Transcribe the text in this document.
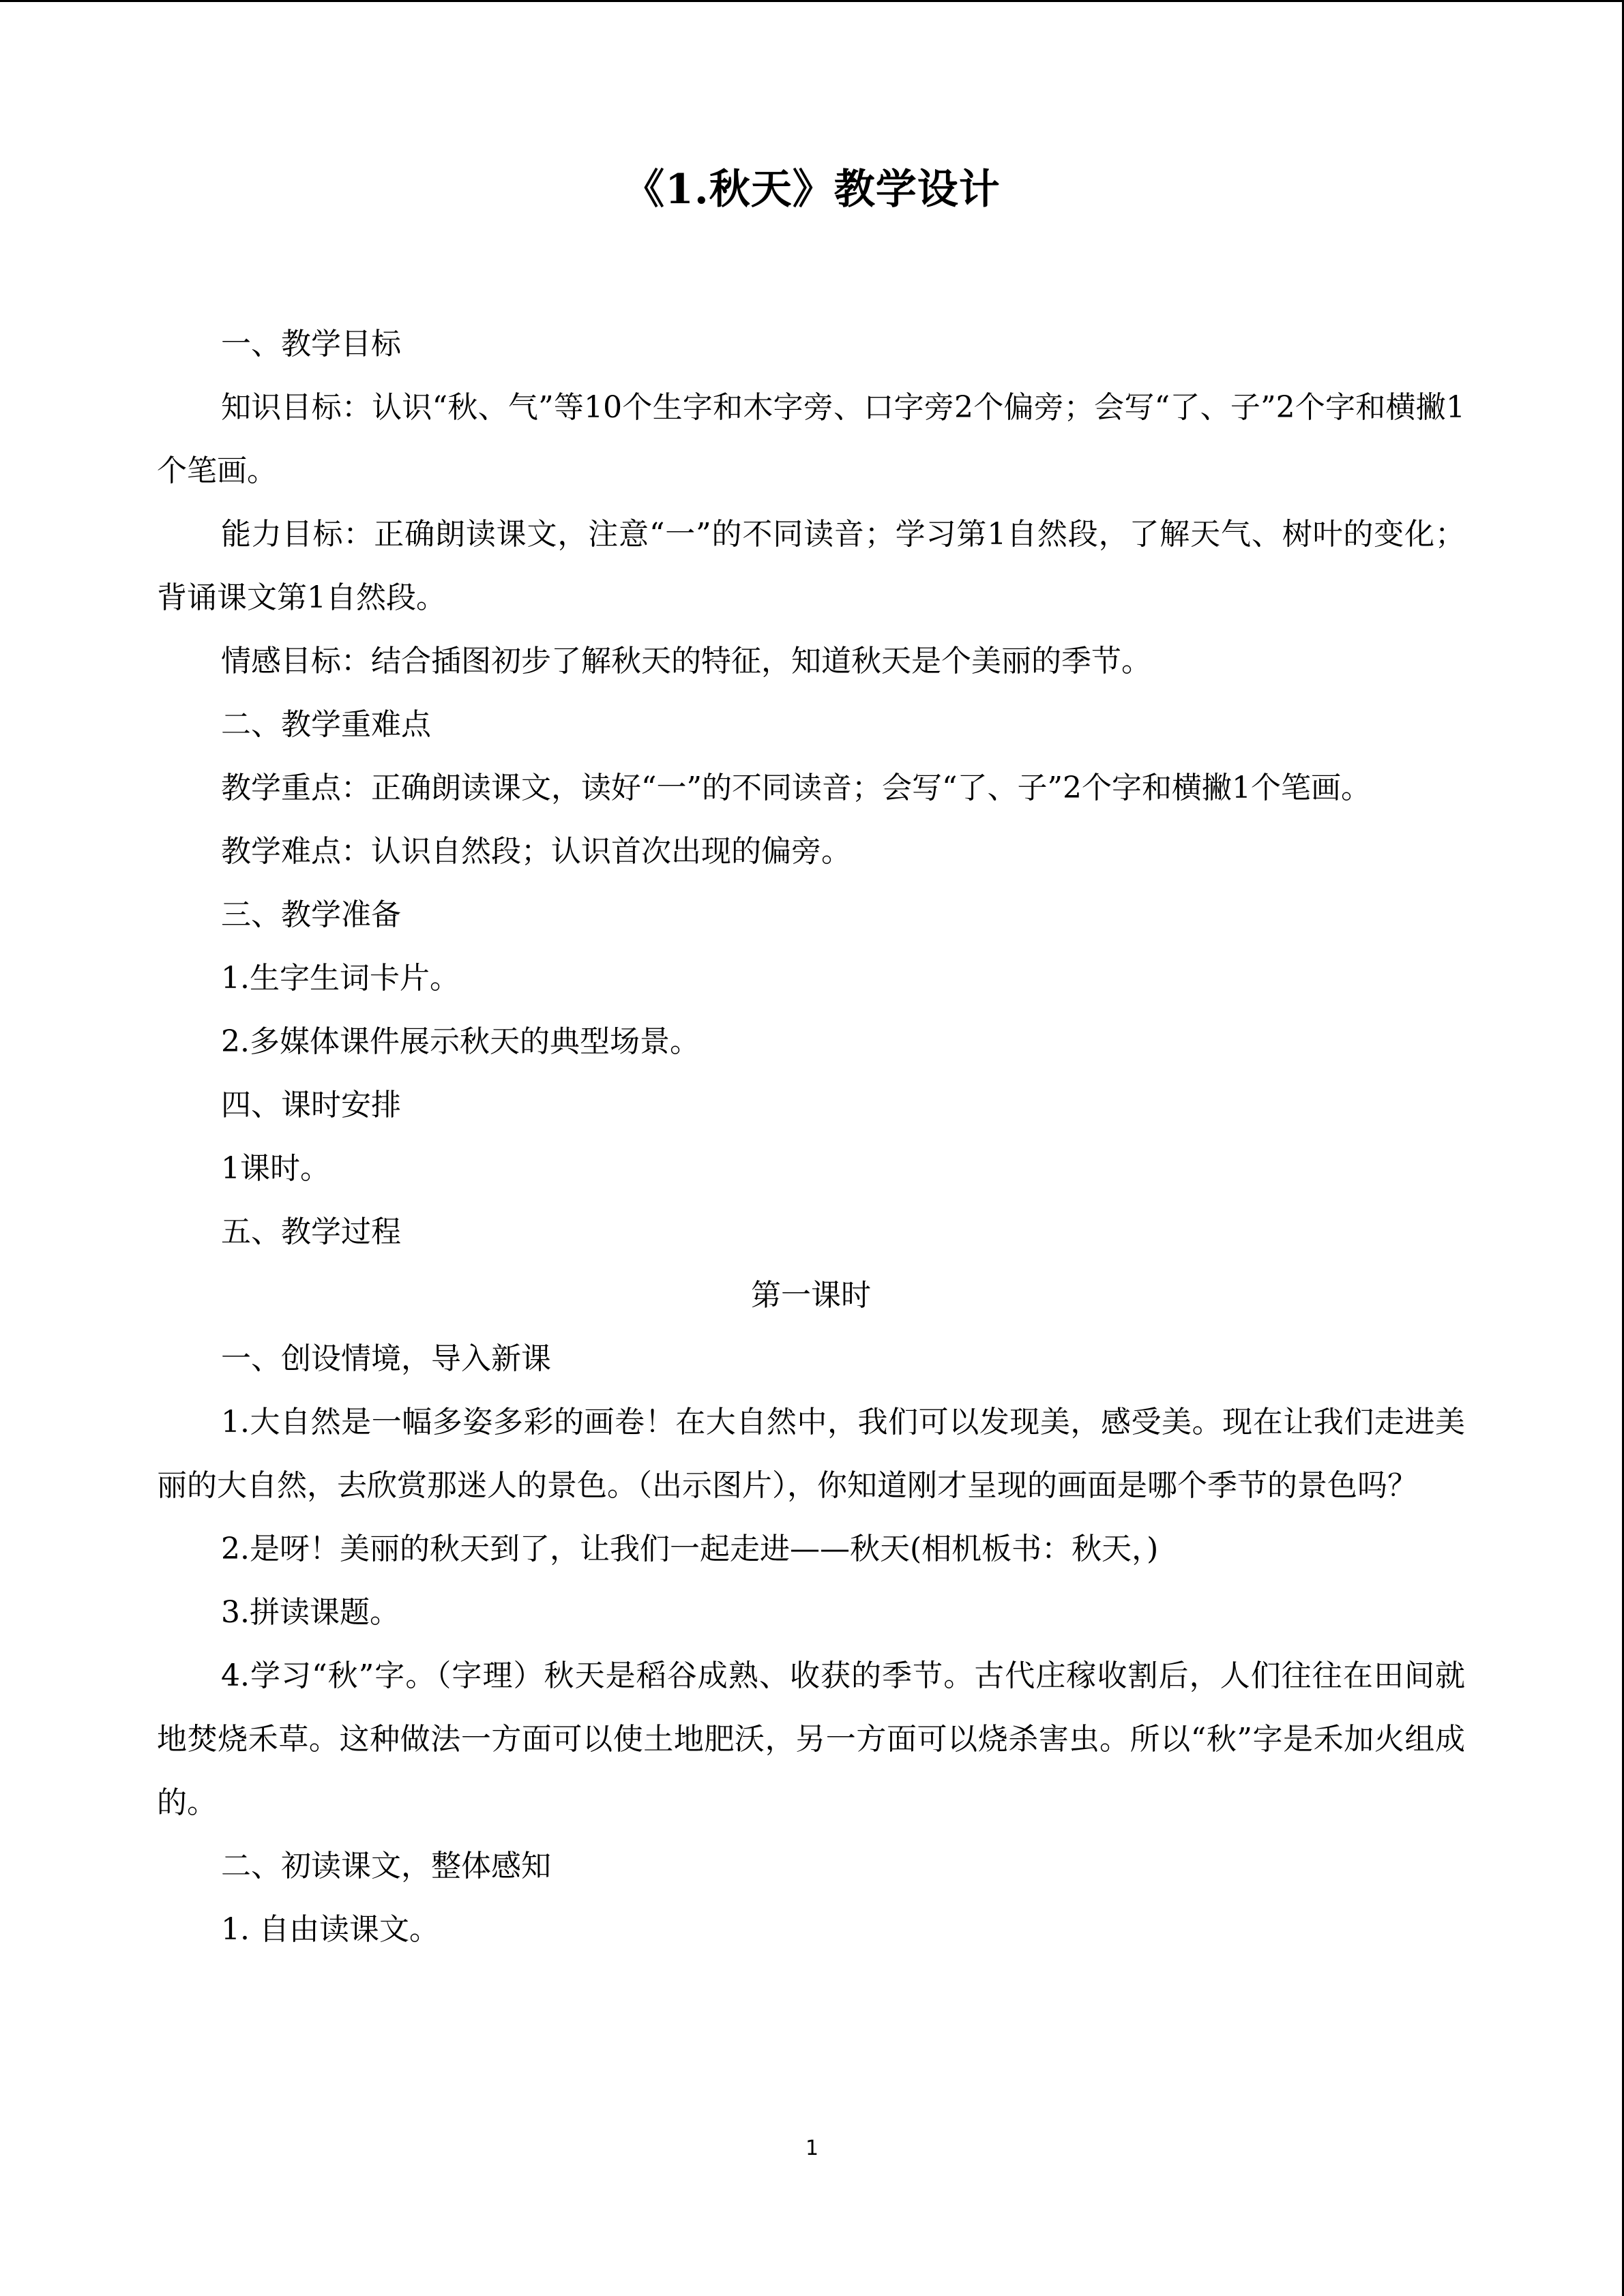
《1.秋天》教学设计

一、教学目标

知识目标：认识“秋、气”等10个生字和木字旁、口字旁2个偏旁；会写“了、子”2个字和横撇1个笔画。

能力目标：正确朗读课文，注意“一”的不同读音；学习第1自然段，了解天气、树叶的变化；背诵课文第1自然段。

情感目标：结合插图初步了解秋天的特征，知道秋天是个美丽的季节。

二、教学重难点

教学重点：正确朗读课文，读好“一”的不同读音；会写“了、子”2个字和横撇1个笔画。

教学难点：认识自然段；认识首次出现的偏旁。

三、教学准备

1.生字生词卡片。

2.多媒体课件展示秋天的典型场景。

四、课时安排

1课时。

五、教学过程

第一课时

一、创设情境，导入新课

1.大自然是一幅多姿多彩的画卷！在大自然中，我们可以发现美，感受美。现在让我们走进美丽的大自然，去欣赏那迷人的景色。（出示图片），你知道刚才呈现的画面是哪个季节的景色吗？

2.是呀！美丽的秋天到了，让我们一起走进——秋天(相机板书：秋天，)

3.拼读课题。

4.学习“秋”字。（字理）秋天是稻谷成熟、收获的季节。古代庄稼收割后，人们往往在田间就地焚烧禾草。这种做法一方面可以使土地肥沃，另一方面可以烧杀害虫。所以“秋”字是禾加火组成的。

二、初读课文，整体感知

1. 自由读课文。

1
